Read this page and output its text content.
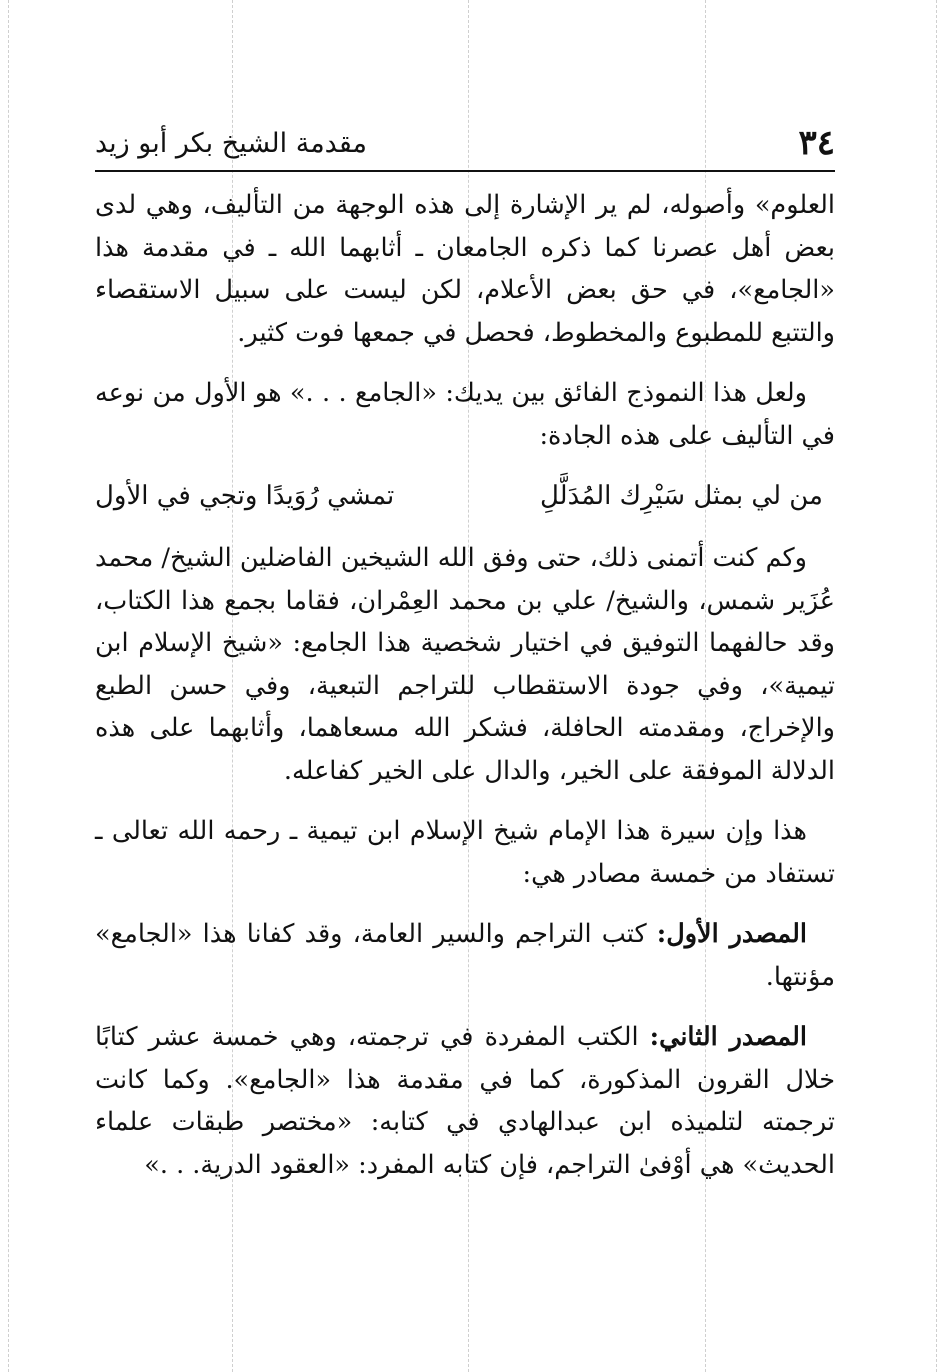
٣٤
مقدمة الشيخ بكر أبو زيد

العلوم» وأصوله، لم ير الإشارة إلى هذه الوجهة من التأليف، وهي لدى بعض أهل عصرنا كما ذكره الجامعان ـ أثابهما الله ـ في مقدمة هذا «الجامع»، في حق بعض الأعلام، لكن ليست على سبيل الاستقصاء والتتبع للمطبوع والمخطوط، فحصل في جمعها فوت كثير.

ولعل هذا النموذج الفائق بين يديك: «الجامع . . .» هو الأول من نوعه في التأليف على هذه الجادة:

من لي بمثل سَيْرِك المُدَلَّلِ
تمشي رُوَيدًا وتجي في الأول

وكم كنت أتمنى ذلك، حتى وفق الله الشيخين الفاضلين الشيخ/ محمد عُزَير شمس، والشيخ/ علي بن محمد العِمْران، فقاما بجمع هذا الكتاب، وقد حالفهما التوفيق في اختيار شخصية هذا الجامع: «شيخ الإسلام ابن تيمية»، وفي جودة الاستقطاب للتراجم التبعية، وفي حسن الطبع والإخراج، ومقدمته الحافلة، فشكر الله مسعاهما، وأثابهما على هذه الدلالة الموفقة على الخير، والدال على الخير كفاعله.

هذا وإن سيرة هذا الإمام شيخ الإسلام ابن تيمية ـ رحمه الله تعالى ـ تستفاد من خمسة مصادر هي:

المصدر الأول: كتب التراجم والسير العامة، وقد كفانا هذا «الجامع» مؤنتها.

المصدر الثاني: الكتب المفردة في ترجمته، وهي خمسة عشر كتابًا خلال القرون المذكورة، كما في مقدمة هذا «الجامع». وكما كانت ترجمته لتلميذه ابن عبدالهادي في كتابه: «مختصر طبقات علماء الحديث» هي أوْفىٰ التراجم، فإن كتابه المفرد: «العقود الدرية. . .»
